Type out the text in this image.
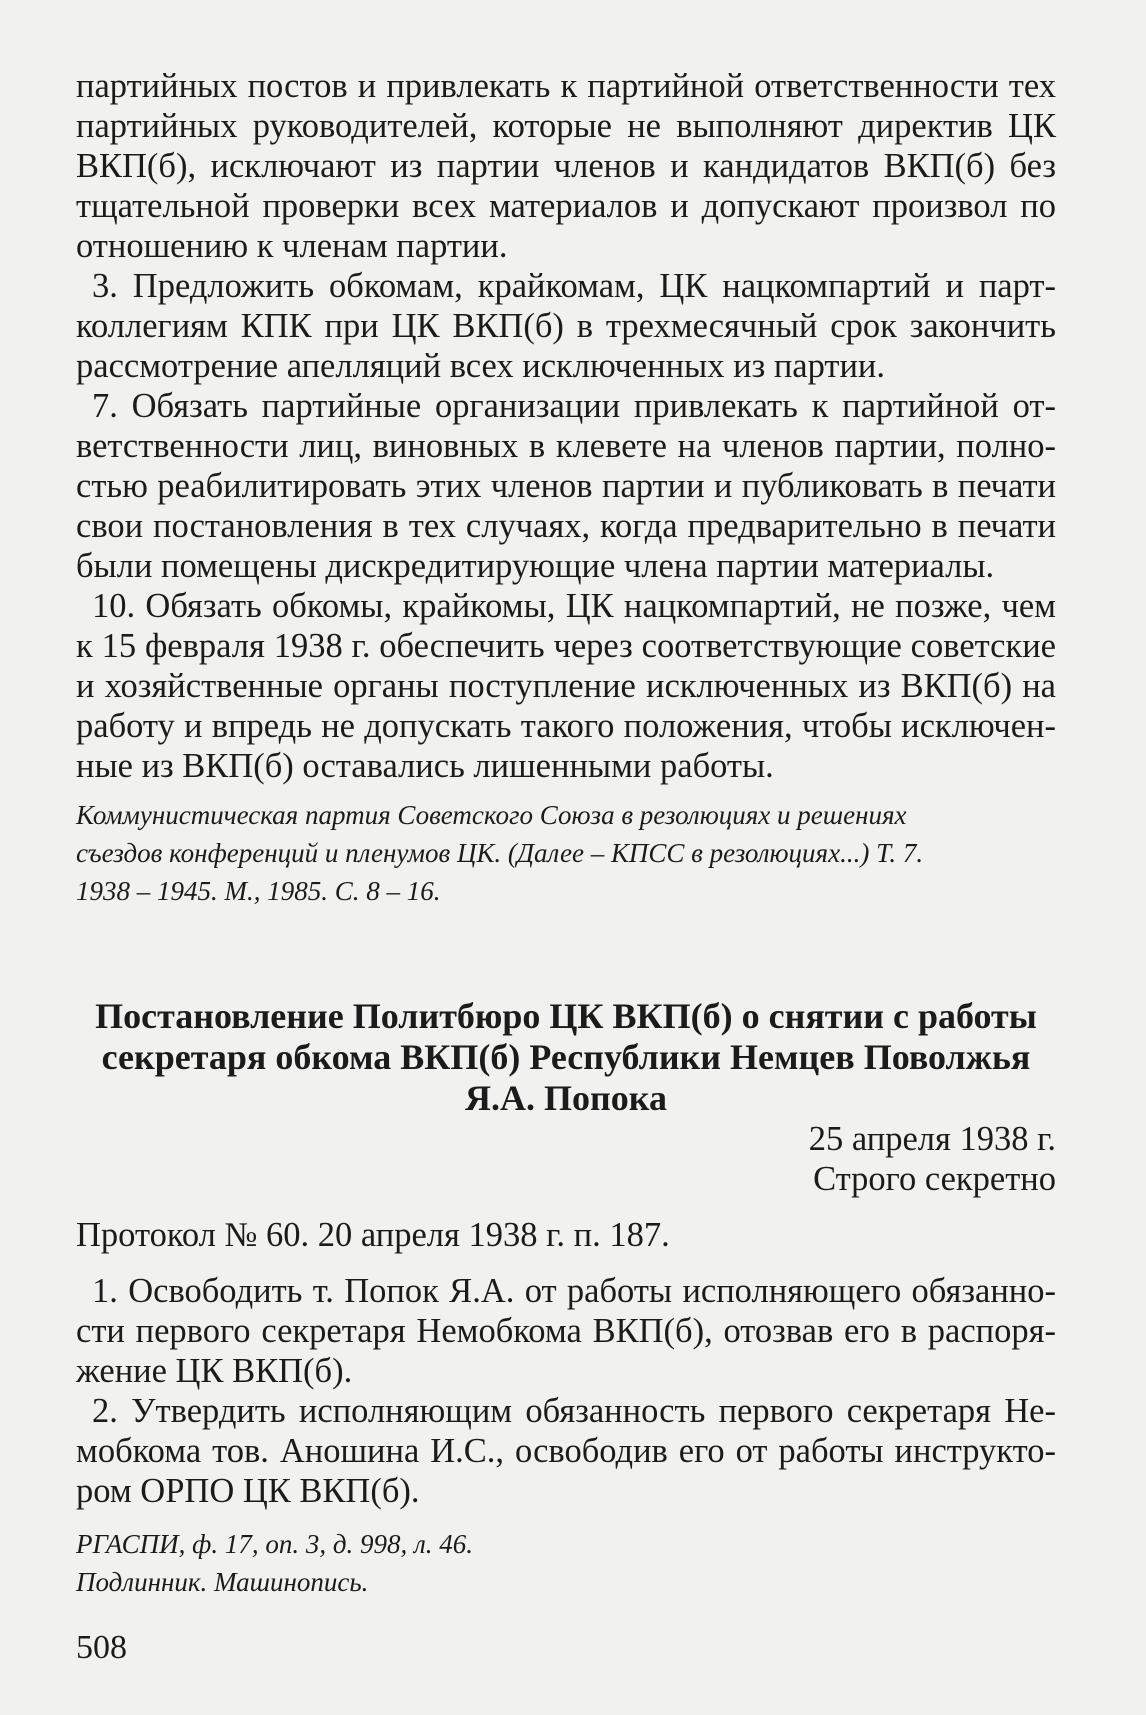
партийных постов и привлекать к партийной ответственности тех партийных руководителей, которые не выполняют директив ЦК ВКП(б), исключают из партии членов и кандидатов ВКП(б) без тщательной проверки всех материалов и допускают произвол по отношению к членам партии.

3. Предложить обкомам, крайкомам, ЦК нацкомпартий и партколлегиям КПК при ЦК ВКП(б) в трехмесячный срок закончить рассмотрение апелляций всех исключенных из партии.

7. Обязать партийные организации привлекать к партийной ответственности лиц, виновных в клевете на членов партии, полностью реабилитировать этих членов партии и публиковать в печати свои постановления в тех случаях, когда предварительно в печати были помещены дискредитирующие члена партии материалы.

10. Обязать обкомы, крайкомы, ЦК нацкомпартий, не позже, чем к 15 февраля 1938 г. обеспечить через соответствующие советские и хозяйственные органы поступление исключенных из ВКП(б) на работу и впредь не допускать такого положения, чтобы исключенные из ВКП(б) оставались лишенными работы.

Коммунистическая партия Советского Союза в резолюциях и решениях
съездов конференций и пленумов ЦК. (Далее – КПСС в резолюциях...) Т. 7.
1938 – 1945. М., 1985. С. 8 – 16.
Постановление Политбюро ЦК ВКП(б) о снятии с работы
секретаря обкома ВКП(б) Республики Немцев Поволжья
Я.А. Попока
25 апреля 1938 г.
Строго секретно
Протокол № 60. 20 апреля 1938 г. п. 187.

1. Освободить т. Попок Я.А. от работы исполняющего обязанности первого секретаря Немобкома ВКП(б), отозвав его в распоряжение ЦК ВКП(б).

2. Утвердить исполняющим обязанность первого секретаря Немобкома тов. Аношина И.С., освободив его от работы инструктором ОРПО ЦК ВКП(б).

РГАСПИ, ф. 17, оп. 3, д. 998, л. 46.
Подлинник. Машинопись.
508
